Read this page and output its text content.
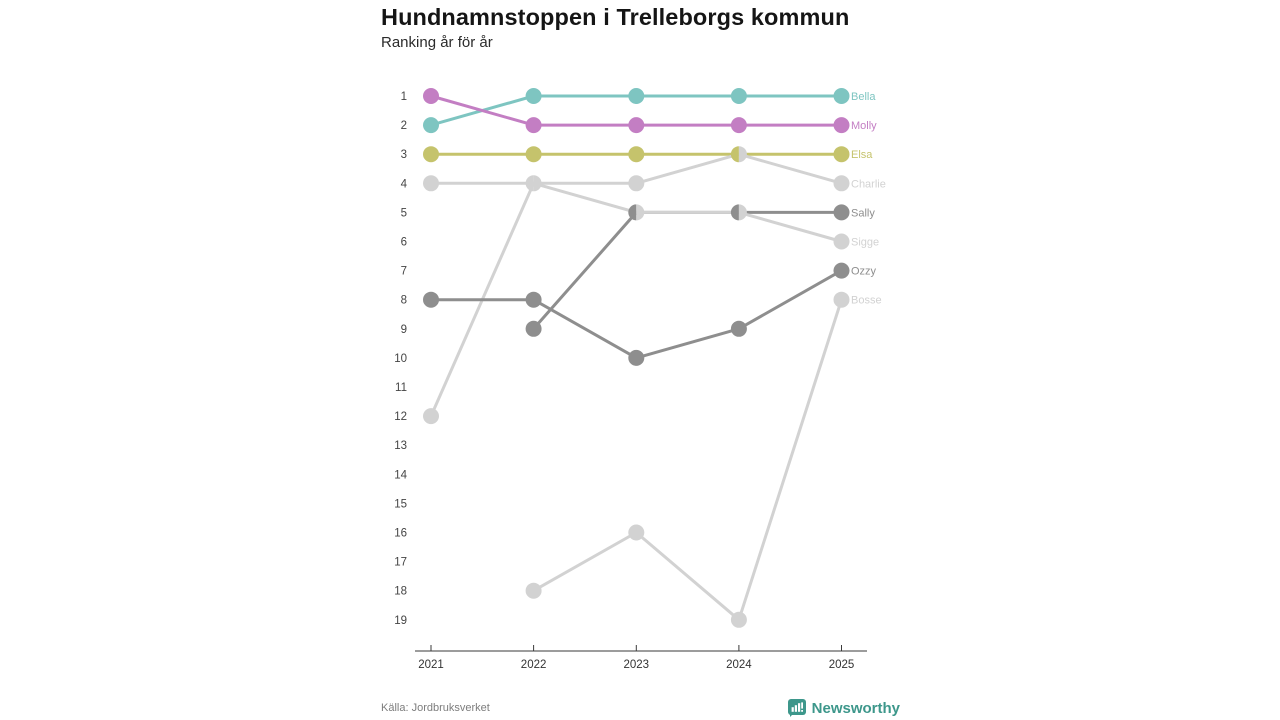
Hundnamnstoppen i Trelleborgs kommun
Ranking år för år
1
2
3
4
5
6
7
8
9
10
11
12
13
14
15
16
17
18
19
2021	2022	2023	2024	2025
Bella
Molly
Elsa
Charlie
Sally
Sigge
Ozzy
Bosse
Källa: Jordbruksverket	Newsworthy
